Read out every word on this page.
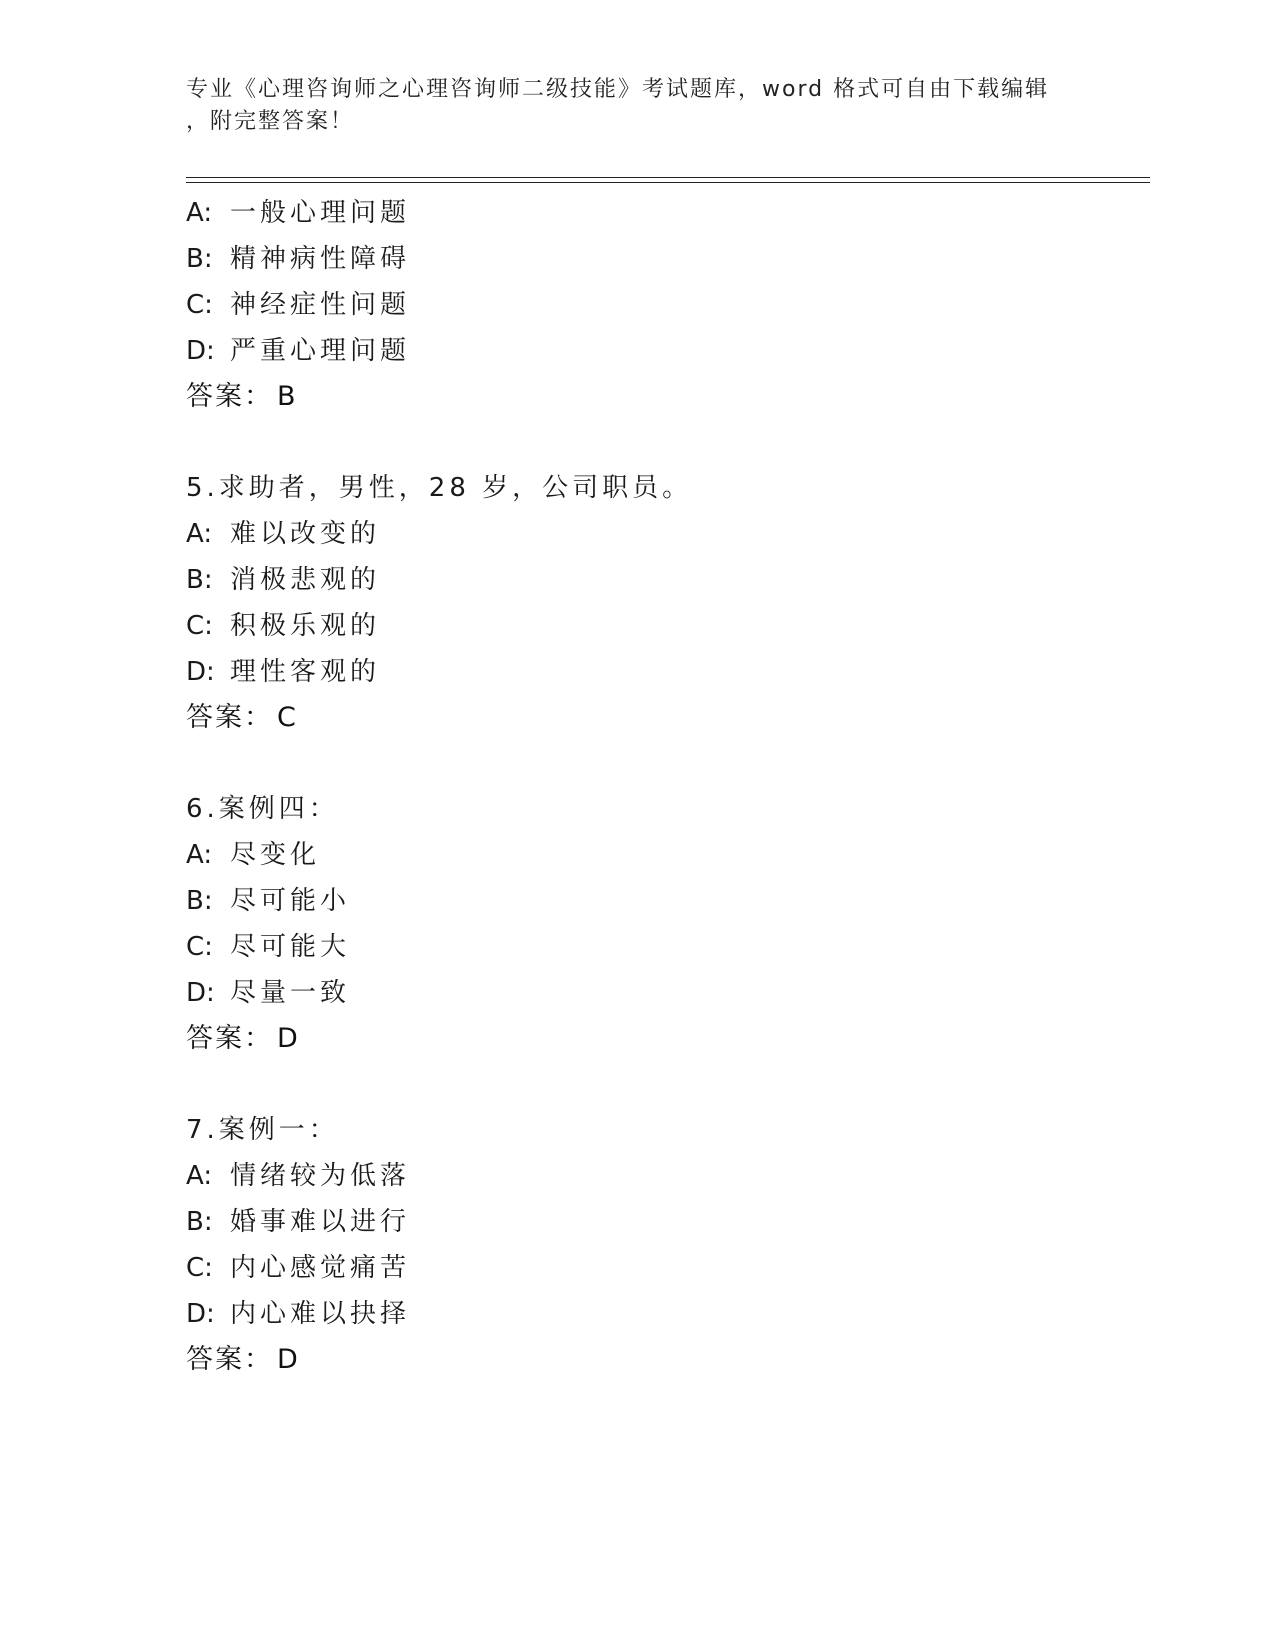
专业《心理咨询师之心理咨询师二级技能》考试题库，word 格式可自由下载编辑
，附完整答案！
A: 一般心理问题
B: 精神病性障碍
C: 神经症性问题
D: 严重心理问题
答案： B
5.求助者，男性，28 岁，公司职员。
A: 难以改变的
B: 消极悲观的
C: 积极乐观的
D: 理性客观的
答案： C
6.案例四：
A: 尽变化
B: 尽可能小
C: 尽可能大
D: 尽量一致
答案： D
7.案例一：
A: 情绪较为低落
B: 婚事难以进行
C: 内心感觉痛苦
D: 内心难以抉择
答案： D
